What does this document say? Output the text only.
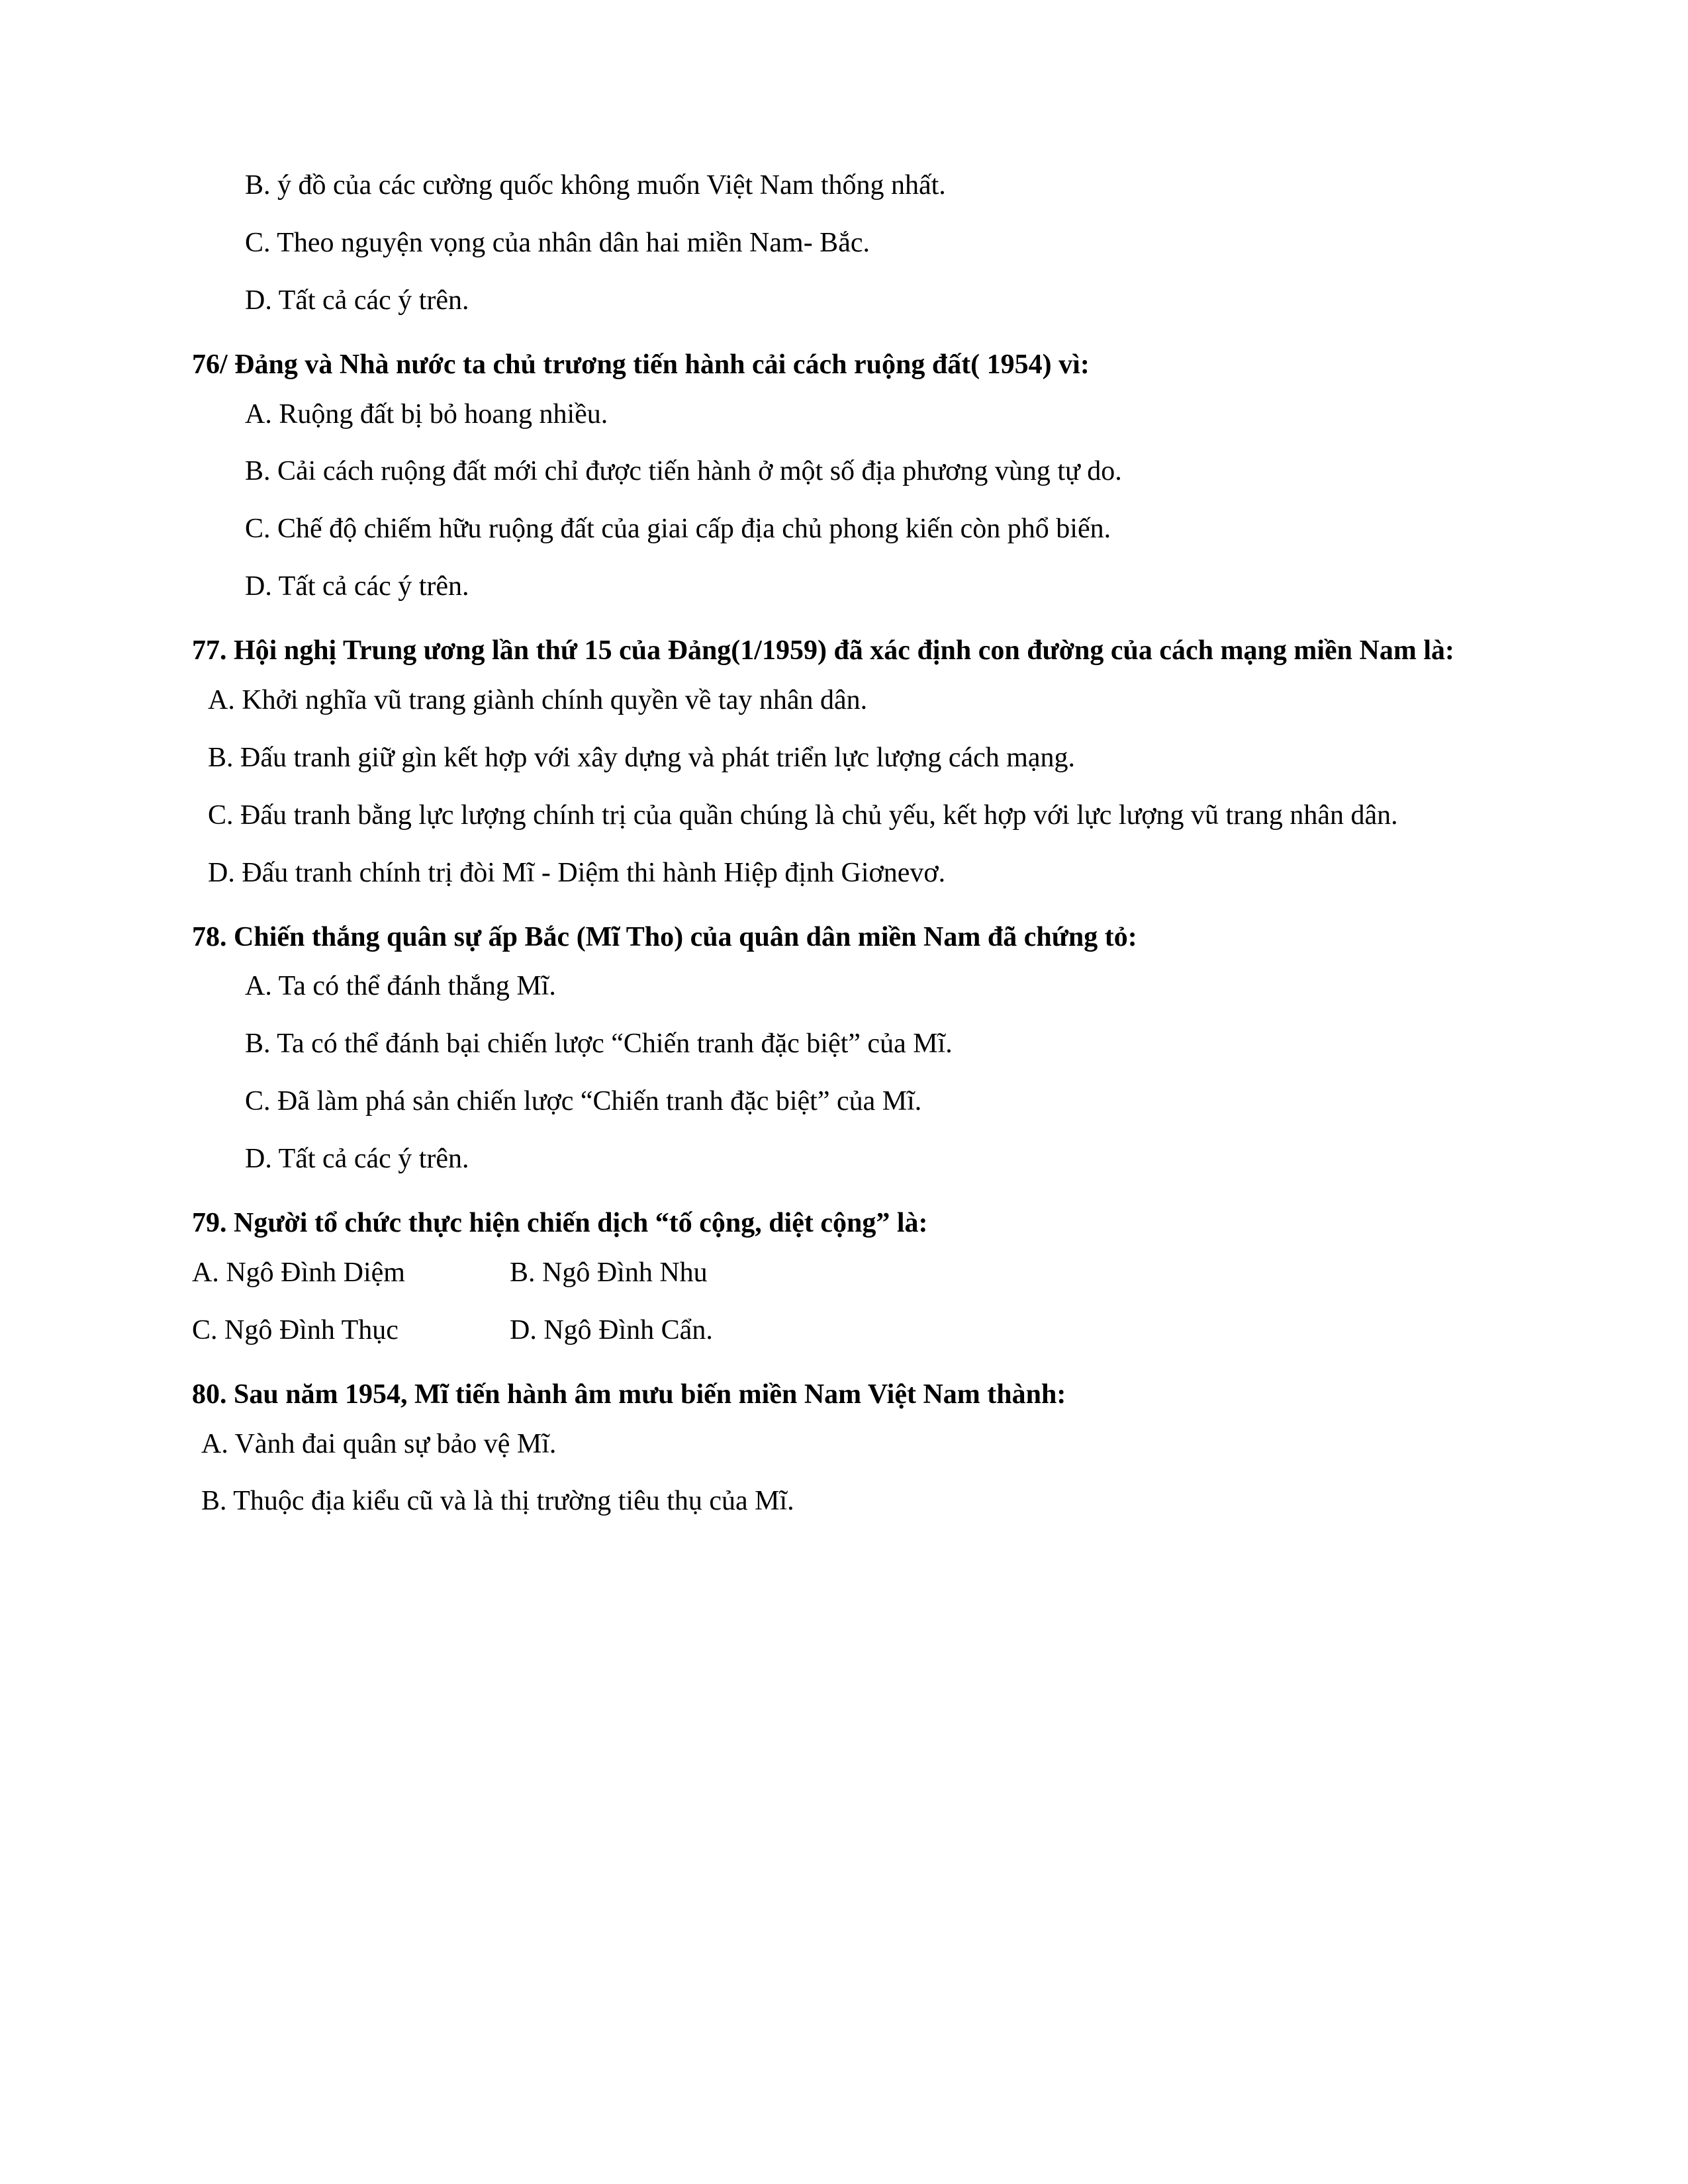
B. ý đồ của các cường quốc không muốn Việt Nam thống nhất.
C. Theo nguyện vọng của nhân dân hai miền Nam- Bắc.
D. Tất cả các ý trên.
76/ Đảng và Nhà nước ta chủ trương tiến hành cải cách ruộng đất( 1954) vì:
A. Ruộng đất bị bỏ hoang nhiều.
B. Cải cách ruộng đất mới chỉ được tiến hành ở một số địa phương vùng tự do.
C. Chế độ chiếm hữu ruộng đất của giai cấp địa chủ phong kiến còn phổ biến.
D. Tất cả các ý trên.
77. Hội nghị Trung ương lần thứ 15 của Đảng(1/1959) đã xác định con đường của cách mạng miền Nam là:
A. Khởi nghĩa vũ trang giành chính quyền về tay nhân dân.
B. Đấu tranh giữ gìn kết hợp với xây dựng và phát triển lực lượng cách mạng.
C. Đấu tranh bằng lực lượng chính trị của quần chúng là chủ yếu, kết hợp với lực lượng vũ trang nhân dân.
D. Đấu tranh chính trị đòi Mĩ - Diệm thi hành Hiệp định Giơnevơ.
78. Chiến thắng quân sự ấp Bắc (Mĩ Tho) của quân dân miền Nam đã chứng tỏ:
A. Ta có thể đánh thắng Mĩ.
B. Ta có thể đánh bại chiến lược “Chiến tranh đặc biệt” của Mĩ.
C. Đã làm phá sản chiến lược “Chiến tranh đặc biệt” của Mĩ.
D. Tất cả các ý trên.
79. Người tổ chức thực hiện chiến dịch “tố cộng, diệt cộng” là:
A. Ngô Đình Diệm	B. Ngô Đình Nhu
C. Ngô Đình Thục	D. Ngô Đình Cẩn.
80. Sau năm 1954, Mĩ tiến hành âm mưu biến miền Nam Việt Nam thành:
A. Vành đai quân sự bảo vệ Mĩ.
B. Thuộc địa kiểu cũ và là thị trường tiêu thụ của Mĩ.
